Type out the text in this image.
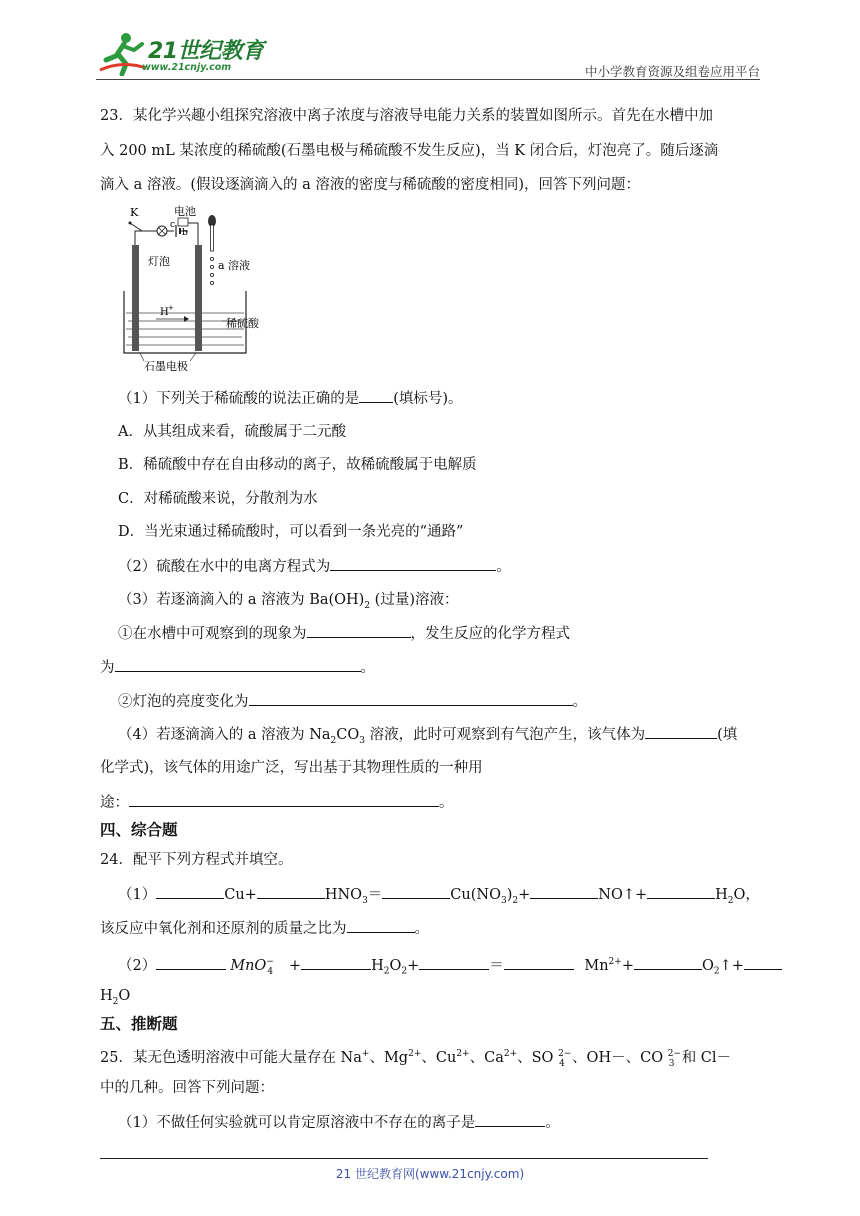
21世纪教育
www.21cnjy.com	中小学教育资源及组卷应用平台
23．某化学兴趣小组探究溶液中离子浓度与溶液导电能力关系的装置如图所示。首先在水槽中加
入 200 mL 某浓度的稀硫酸(石墨电极与稀硫酸不发生反应)，当 K 闭合后，灯泡亮了。随后逐滴
滴入 a 溶液。(假设逐滴滴入的 a 溶液的密度与稀硫酸的密度相同)，回答下列问题：
K	电池
c
b
灯泡	a 溶液
H +
稀硫酸
石墨电极
（1）下列关于稀硫酸的说法正确的是 (填标号)。
A．从其组成来看，硫酸属于二元酸
B．稀硫酸中存在自由移动的离子，故稀硫酸属于电解质
C．对稀硫酸来说，分散剂为水
D．当光束通过稀硫酸时，可以看到一条光亮的“通路”
（2）硫酸在水中的电离方程式为	。
（3）若逐滴滴入的 a 溶液为 $Ba(OH)_2$ (过量)溶液：
①在水槽中可观察到的现象为	，发生反应的化学方程式
为	。
②灯泡的亮度变化为	。
（4）若逐滴滴入的 a 溶液为 $Na_2CO_3$ 溶液，此时可观察到有气泡产生，该气体为	(填
化学式)，该气体的用途广泛，写出基于其物理性质的一种用
途：	。
四、综合题
24．配平下列方程式并填空。
（1）	Cu+	$HNO_3=$	$Cu(NO_3)_2+$	NO↑+	$H_2O$，
该反应中氧化剂和还原剂的质量之比为	。
（2）	MnO −
4 +	$H_2O_2+$	＝	$Mn^{2+}+$	$O_2↑+$
$H_2O$
五、推断题
25．某无色透明溶液中可能大量存在 Na+、$Mg^{2+}$、$Cu^{2+}$、$Ca^{2+}$、SO 2−
4 、OH－、CO 2−
3 和 Cl－
中的几种。回答下列问题：
（1）不做任何实验就可以肯定原溶液中不存在的离子是	。
21 世纪教育网(www.21cnjy.com)
